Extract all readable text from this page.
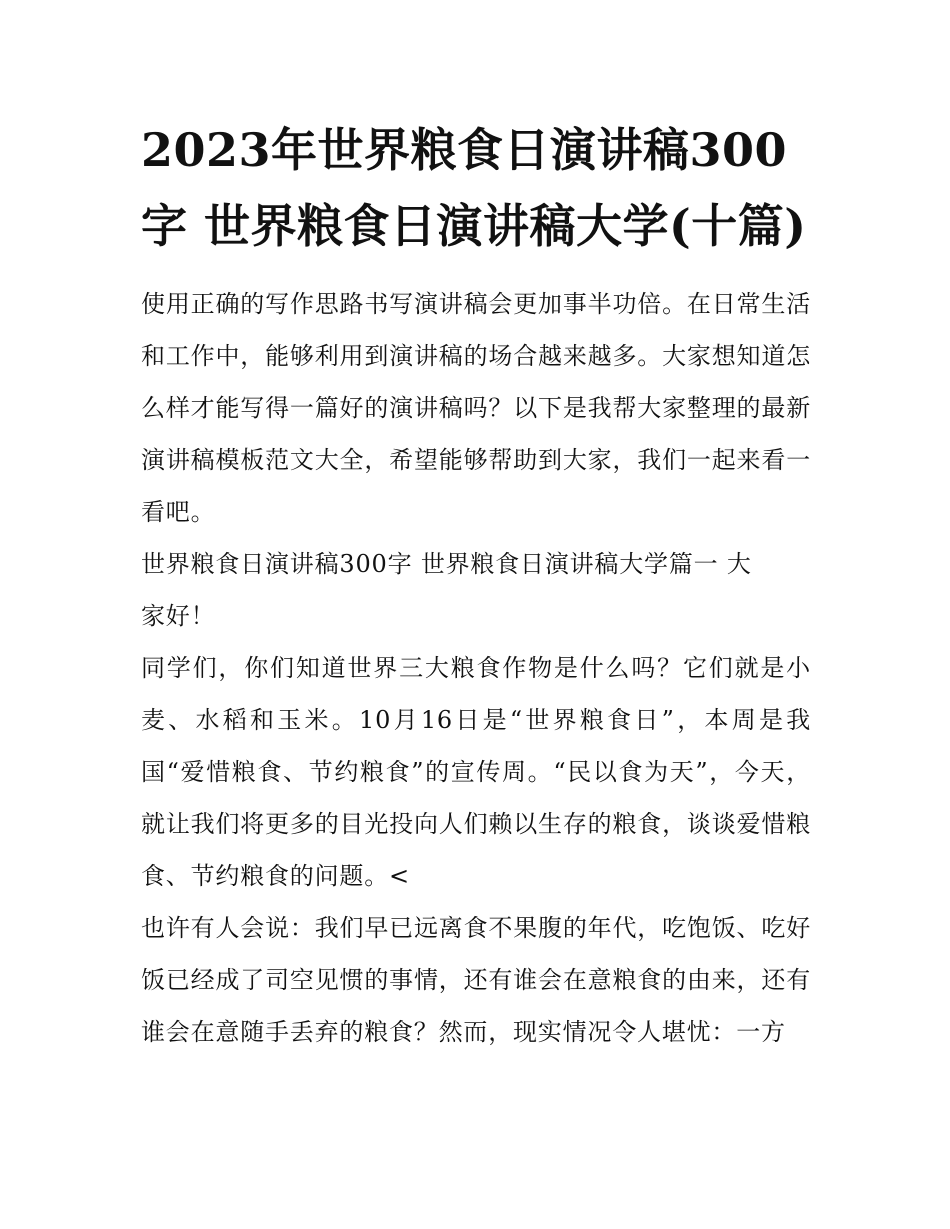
2023年世界粮食日演讲稿300字 世界粮食日演讲稿大学(十篇)

使用正确的写作思路书写演讲稿会更加事半功倍。在日常生活和工作中，能够利用到演讲稿的场合越来越多。大家想知道怎么样才能写得一篇好的演讲稿吗？以下是我帮大家整理的最新演讲稿模板范文大全，希望能够帮助到大家，我们一起来看一看吧。

世界粮食日演讲稿300字 世界粮食日演讲稿大学篇一 大家好！

同学们，你们知道世界三大粮食作物是什么吗？它们就是小麦、水稻和玉米。10月16日是“世界粮食日”，本周是我国“爱惜粮食、节约粮食”的宣传周。“民以食为天”，今天，就让我们将更多的目光投向人们赖以生存的粮食，谈谈爱惜粮食、节约粮食的问题。<

也许有人会说：我们早已远离食不果腹的年代，吃饱饭、吃好饭已经成了司空见惯的事情，还有谁会在意粮食的由来，还有谁会在意随手丢弃的粮食？然而，现实情况令人堪忧：一方
